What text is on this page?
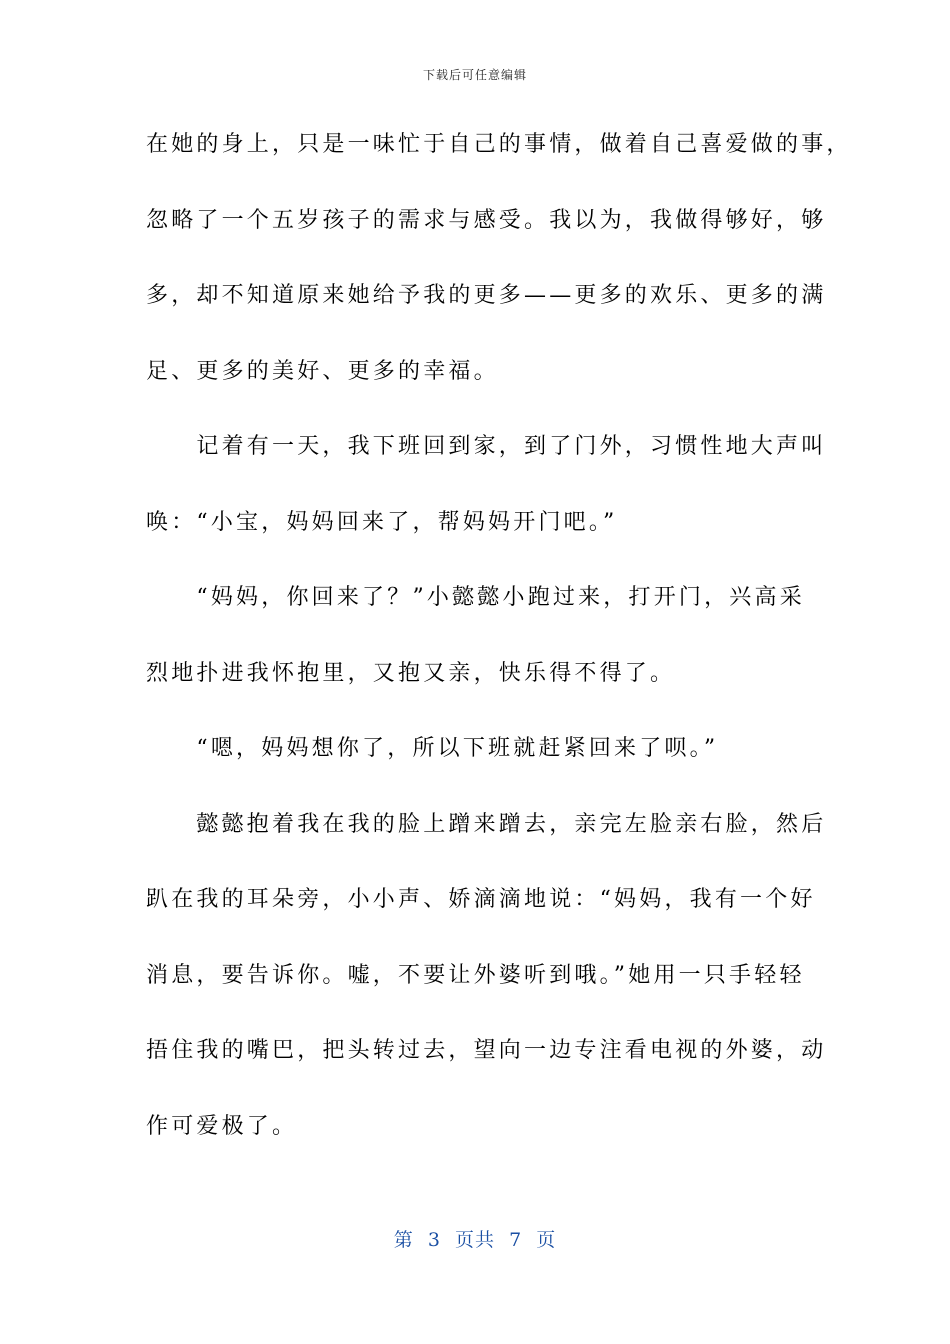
下载后可任意编辑
在她的身上，只是一味忙于自己的事情，做着自己喜爱做的事，
忽略了一个五岁孩子的需求与感受。我以为，我做得够好，够
多，却不知道原来她给予我的更多——更多的欢乐、更多的满
足、更多的美好、更多的幸福。
　　记着有一天，我下班回到家，到了门外，习惯性地大声叫
唤：“小宝，妈妈回来了，帮妈妈开门吧。”
　　“妈妈，你回来了？”小懿懿小跑过来，打开门，兴高采
烈地扑进我怀抱里，又抱又亲，快乐得不得了。
　　“嗯，妈妈想你了，所以下班就赶紧回来了呗。”
　　懿懿抱着我在我的脸上蹭来蹭去，亲完左脸亲右脸，然后
趴在我的耳朵旁，小小声、娇滴滴地说：“妈妈，我有一个好
消息，要告诉你。嘘，不要让外婆听到哦。”她用一只手轻轻
捂住我的嘴巴，把头转过去，望向一边专注看电视的外婆，动
作可爱极了。
第  3  页共  7  页
